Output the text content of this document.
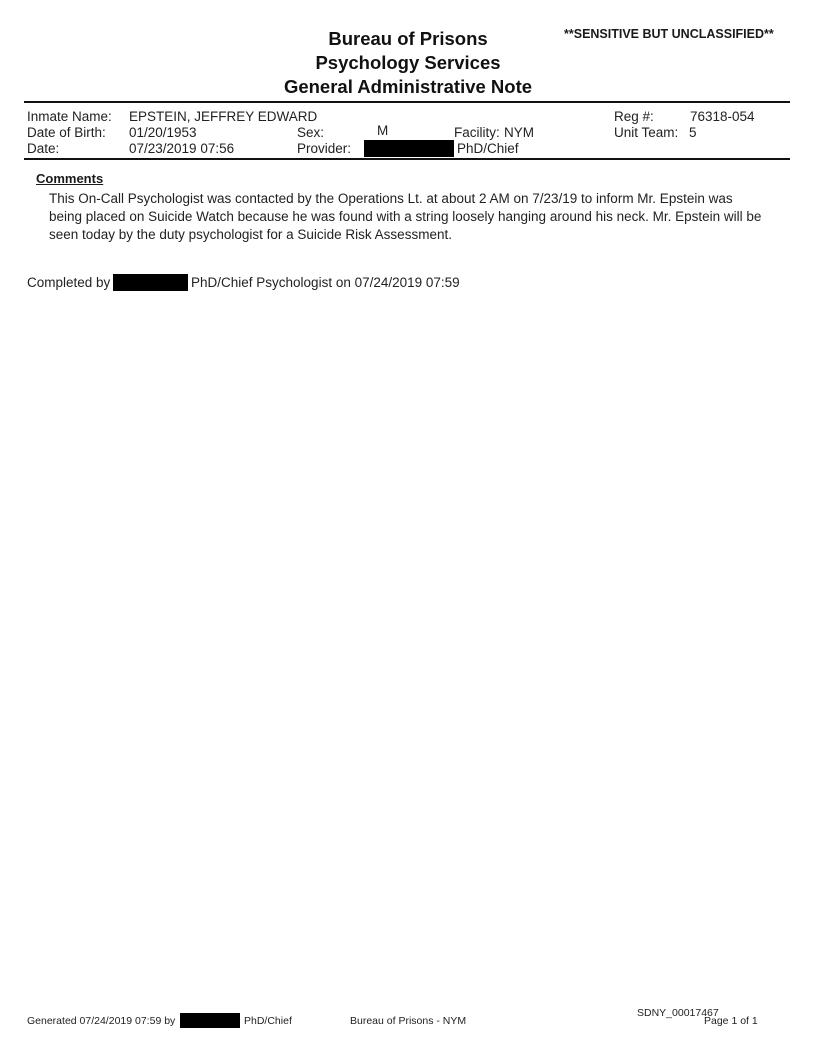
**SENSITIVE BUT UNCLASSIFIED**
Bureau of Prisons
Psychology Services
General Administrative Note
Inmate Name: EPSTEIN, JEFFREY EDWARD
Date of Birth: 01/20/1953
Date:	07/23/2019 07:56
Sex:	M
Provider:	PhD/Chief
Facility: NYM
Reg #:	76318-054
Unit Team: 5
Comments
This On-Call Psychologist was contacted by the Operations Lt. at about 2 AM on 7/23/19 to inform Mr. Epstein was being placed on Suicide Watch because he was found with a string loosely hanging around his neck. Mr. Epstein will be seen today by the duty psychologist for a Suicide Risk Assessment.
Completed by	PhD/Chief Psychologist on 07/24/2019 07:59
Generated 07/24/2019 07:59 by	PhD/Chief	Bureau of Prisons - NYM
SDNY_00017467
Page 1 of 1
